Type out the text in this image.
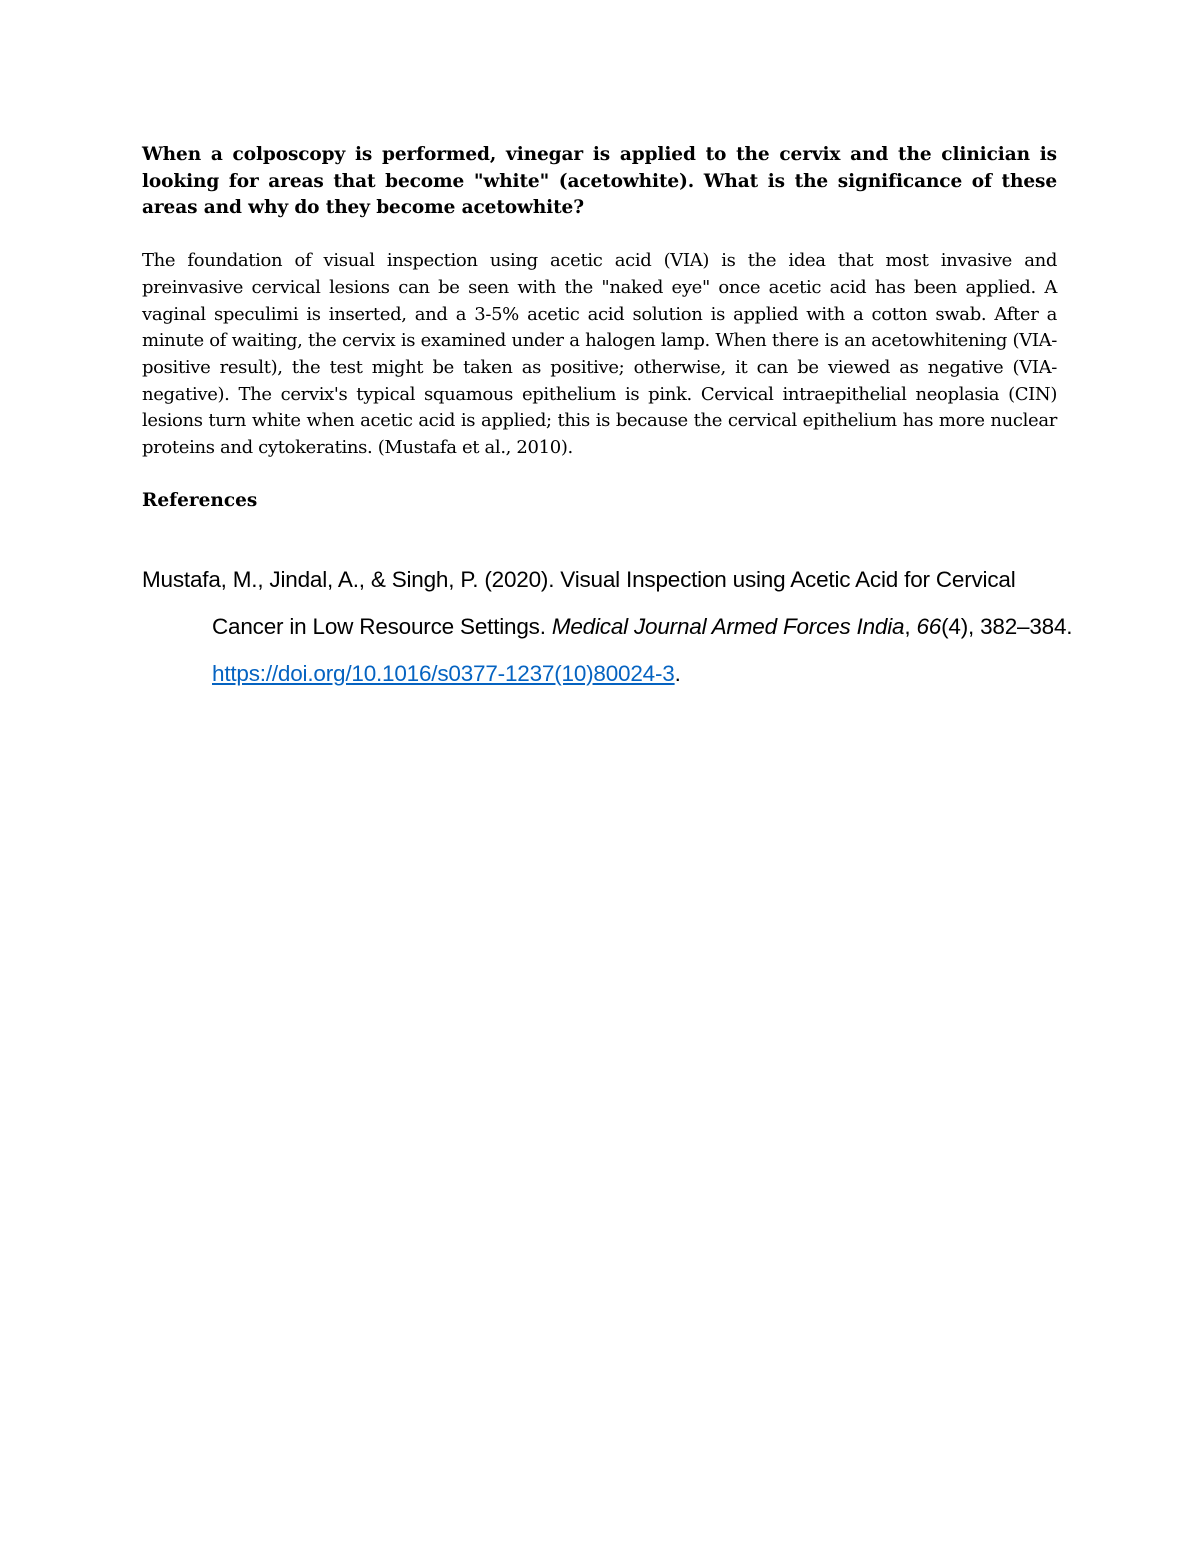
When a colposcopy is performed, vinegar is applied to the cervix and the clinician is looking for areas that become "white" (acetowhite). What is the significance of these areas and why do they become acetowhite?

The foundation of visual inspection using acetic acid (VIA) is the idea that most invasive and preinvasive cervical lesions can be seen with the "naked eye" once acetic acid has been applied. A vaginal speculimi is inserted, and a 3-5% acetic acid solution is applied with a cotton swab. After a minute of waiting, the cervix is examined under a halogen lamp. When there is an acetowhitening (VIA-positive result), the test might be taken as positive; otherwise, it can be viewed as negative (VIA-negative). The cervix's typical squamous epithelium is pink. Cervical intraepithelial neoplasia (CIN) lesions turn white when acetic acid is applied; this is because the cervical epithelium has more nuclear proteins and cytokeratins. (Mustafa et al., 2010).

References

Mustafa, M., Jindal, A., & Singh, P. (2020). Visual Inspection using Acetic Acid for Cervical Cancer in Low Resource Settings. Medical Journal Armed Forces India, 66(4), 382–384. https://doi.org/10.1016/s0377-1237(10)80024-3.
